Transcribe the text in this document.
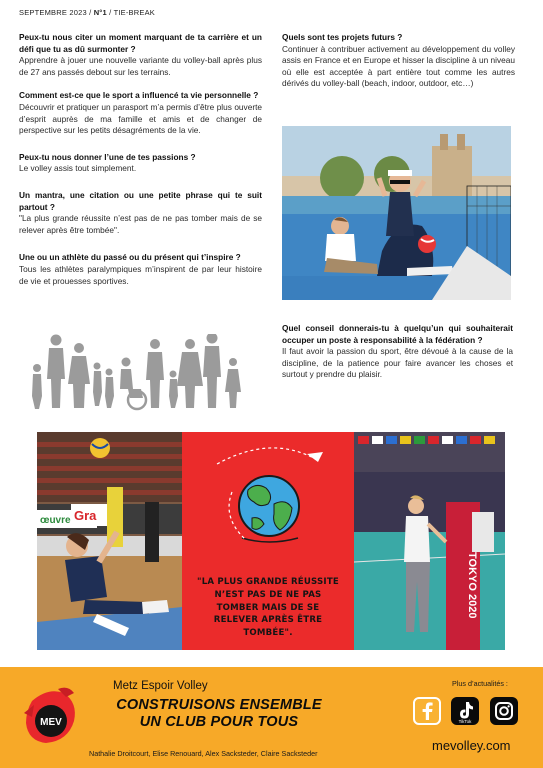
SEPTEMBRE 2023 / N°1 / TIE-BREAK
Peux-tu nous citer un moment marquant de ta carrière et un défi que tu as dû surmonter ?
Apprendre à jouer une nouvelle variante du volley-ball après plus de 27 ans passés debout sur les terrains.
Comment est-ce que le sport a influencé ta vie personnelle ?
Découvrir et pratiquer un parasport m’a permis d’être plus ouverte d’esprit auprès de ma famille et amis et de changer de perspective sur les petits désagréments de la vie.
Peux-tu nous donner l’une de tes passions ?
Le volley assis tout simplement.
Un mantra, une citation ou une petite phrase qui te suit partout ?
"La plus grande réussite n’est pas de ne pas tomber mais de se relever après être tombée".
Une ou un athlète du passé ou du présent qui t’inspire ?
Tous les athlètes paralympiques m’inspirent de par leur histoire de vie et prouesses sportives.
Quels sont tes projets futurs ?
Continuer à contribuer activement au développement du volley assis en France et en Europe et hisser la discipline à un niveau où elle est acceptée à part entière tout comme les autres dérivés du volley-ball (beach, indoor, outdoor, etc…)
Quel conseil donnerais-tu à quelqu’un qui souhaiterait occuper un poste à responsabilité à la fédération ?
Il faut avoir la passion du sport, être dévoué à la cause de la discipline, de la patience pour faire avancer les choses et surtout y prendre du plaisir.
œuvre Gra
"LA PLUS GRANDE RÉUSSITE N’EST PAS DE NE PAS TOMBER MAIS DE SE RELEVER APRÈS ÊTRE TOMBÉE".
TOKYO 2020
MEV
Metz Espoir Volley
CONSTRUISONS ENSEMBLE
UN CLUB POUR TOUS
Nathalie Droitcourt, Elise Renouard, Alex Sacksteder, Claire Sacksteder
Plus d’actualités :
TikTok
mevolley.com
